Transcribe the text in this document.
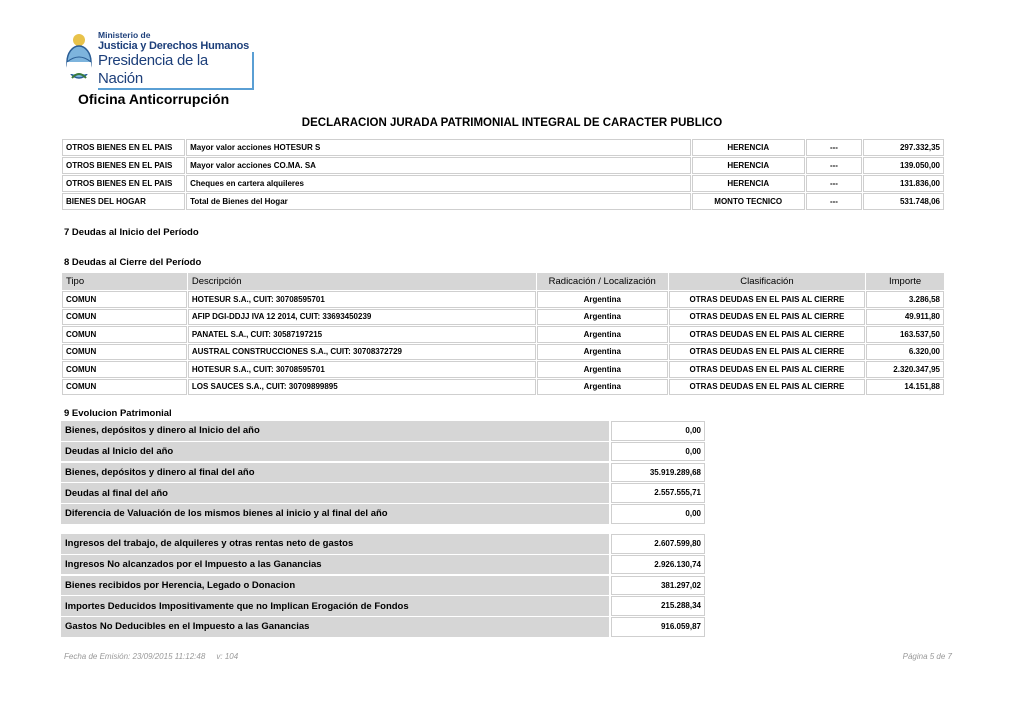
Ministerio de
Justicia y Derechos Humanos
Presidencia de la Nación
Oficina Anticorrupción
DECLARACION JURADA PATRIMONIAL INTEGRAL DE CARACTER PUBLICO
OTROS BIENES EN EL PAIS	Mayor valor acciones HOTESUR S	HERENCIA	---	297.332,35
OTROS BIENES EN EL PAIS	Mayor valor acciones CO.MA. SA	HERENCIA	---	139.050,00
OTROS BIENES EN EL PAIS	Cheques en cartera alquileres	HERENCIA	---	131.836,00
BIENES DEL HOGAR	Total de Bienes del Hogar	MONTO TECNICO	---	531.748,06
7 Deudas al Inicio del Período
8 Deudas al Cierre del Período
Tipo	Descripción	Radicación / Localización	Clasificación	Importe
COMUN	HOTESUR S.A., CUIT: 30708595701	Argentina	OTRAS DEUDAS EN EL PAIS AL CIERRE	3.286,58
COMUN	AFIP DGI-DDJJ IVA 12 2014, CUIT: 33693450239	Argentina	OTRAS DEUDAS EN EL PAIS AL CIERRE	49.911,80
COMUN	PANATEL S.A., CUIT: 30587197215	Argentina	OTRAS DEUDAS EN EL PAIS AL CIERRE	163.537,50
COMUN	AUSTRAL CONSTRUCCIONES S.A., CUIT: 30708372729	Argentina	OTRAS DEUDAS EN EL PAIS AL CIERRE	6.320,00
COMUN	HOTESUR S.A., CUIT: 30708595701	Argentina	OTRAS DEUDAS EN EL PAIS AL CIERRE	2.320.347,95
COMUN	LOS SAUCES S.A., CUIT: 30709899895	Argentina	OTRAS DEUDAS EN EL PAIS AL CIERRE	14.151,88
9 Evolucion Patrimonial
Bienes, depósitos y dinero al Inicio del año	0,00
Deudas al Inicio del año	0,00
Bienes, depósitos y dinero al final del año	35.919.289,68
Deudas al final del año	2.557.555,71
Diferencia de Valuación de los mismos bienes al inicio y al final del año	0,00
Ingresos del trabajo, de alquileres y otras rentas neto de gastos	2.607.599,80
Ingresos No alcanzados por el Impuesto a las Ganancias	2.926.130,74
Bienes recibidos por Herencia, Legado o Donacion	381.297,02
Importes Deducidos Impositivamente que no Implican Erogación de Fondos	215.288,34
Gastos No Deducibles en el Impuesto a las Ganancias	916.059,87
Fecha de Emisión: 23/09/2015 11:12:48     v: 104	Página 5 de 7
